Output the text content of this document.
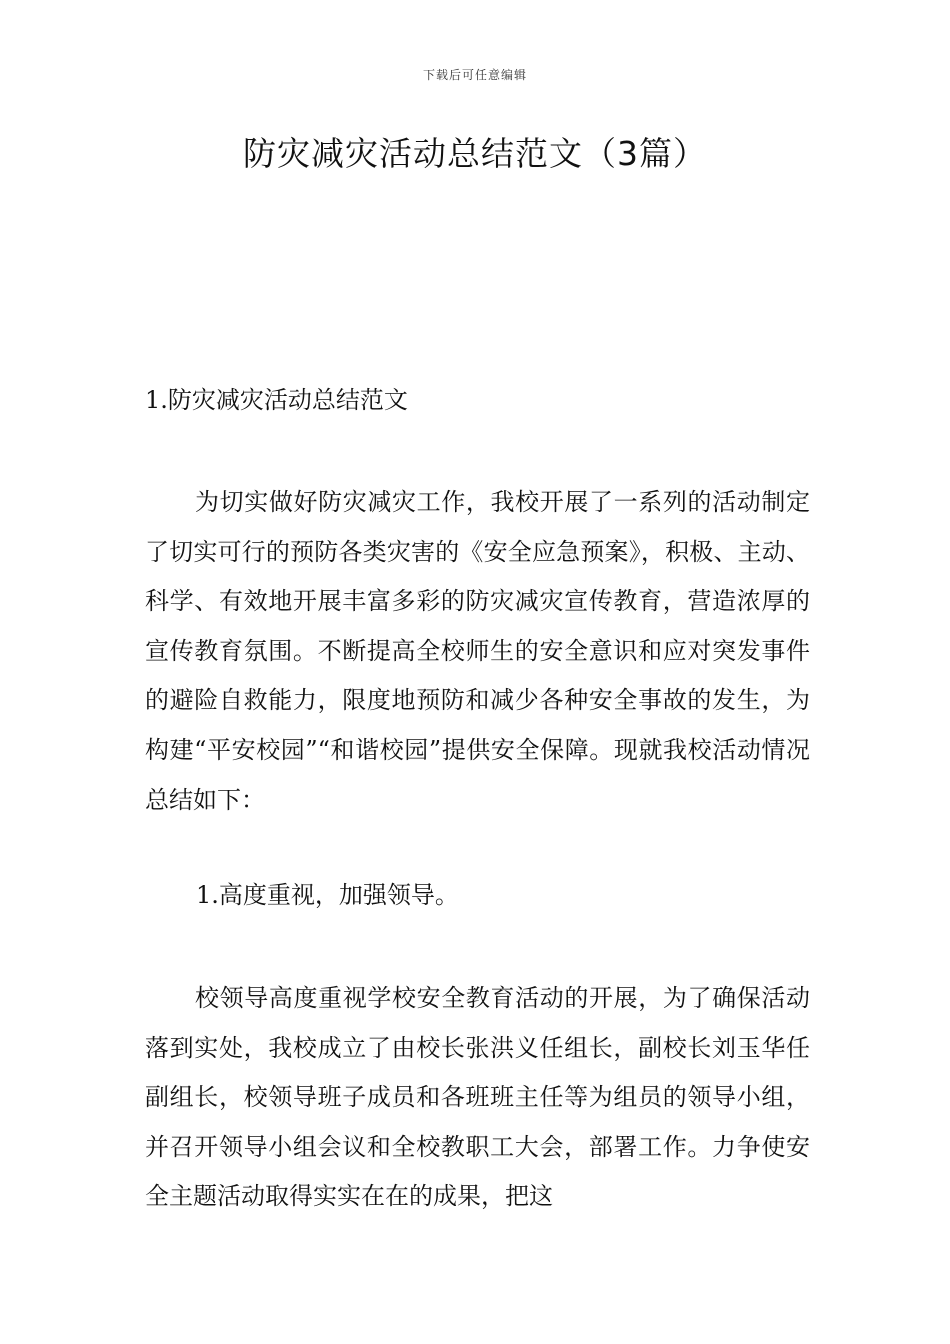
下载后可任意编辑
防灾减灾活动总结范文（3篇）
1.防灾减灾活动总结范文

为切实做好防灾减灾工作，我校开展了一系列的活动制定了切实可行的预防各类灾害的《安全应急预案》，积极、主动、科学、有效地开展丰富多彩的防灾减灾宣传教育，营造浓厚的宣传教育氛围。不断提高全校师生的安全意识和应对突发事件的避险自救能力，限度地预防和减少各种安全事故的发生，为构建“平安校园”“和谐校园”提供安全保障。现就我校活动情况总结如下：

1.高度重视，加强领导。

校领导高度重视学校安全教育活动的开展，为了确保活动落到实处，我校成立了由校长张洪义任组长，副校长刘玉华任副组长，校领导班子成员和各班班主任等为组员的领导小组，并召开领导小组会议和全校教职工大会，部署工作。力争使安全主题活动取得实实在在的成果，把这
